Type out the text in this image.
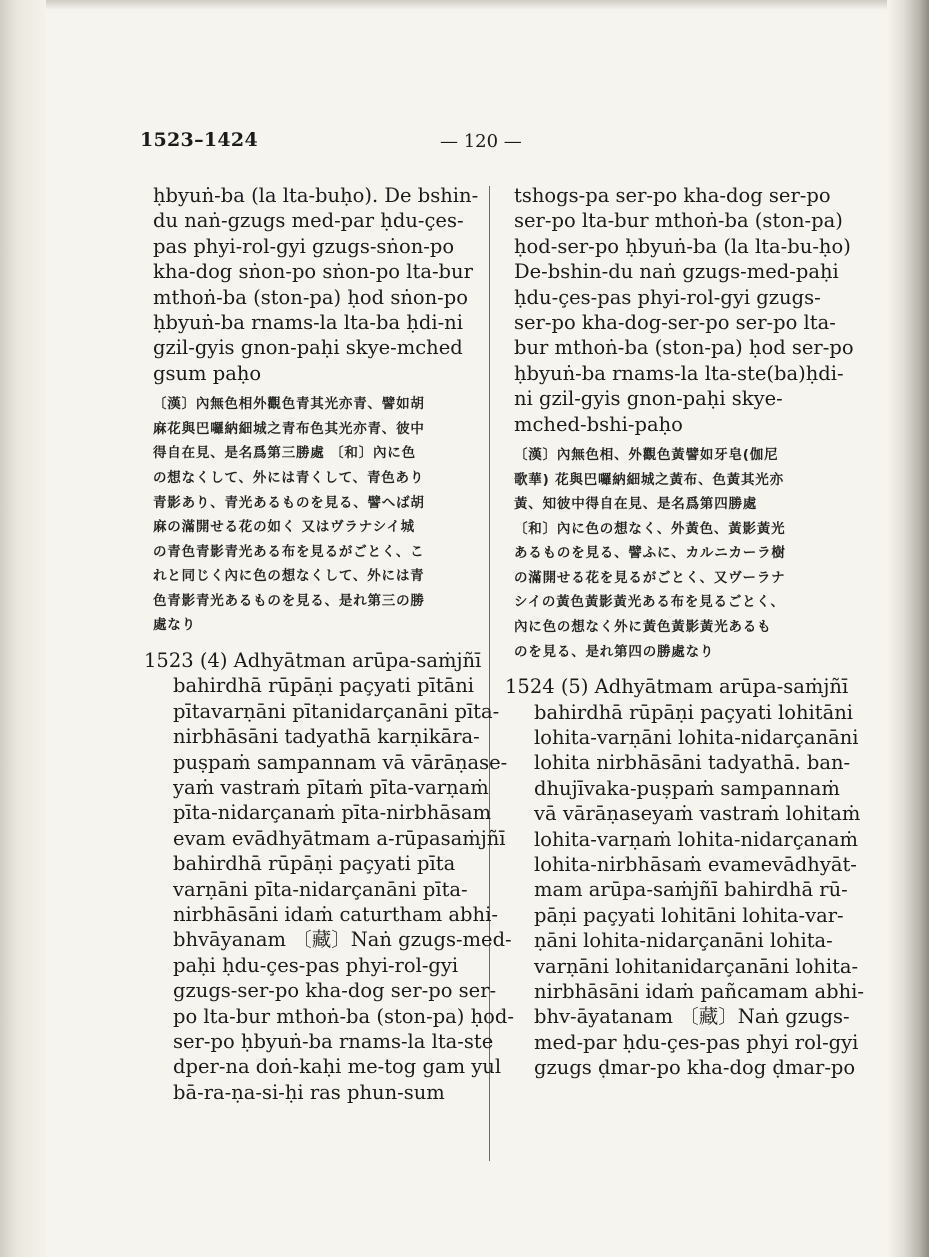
1523–1424	— 120 —
ḥbyuṅ-ba (la lta-buḥo). De bshin-
du naṅ-gzugs med-par ḥdu-çes-
pas phyi-rol-gyi gzugs-sṅon-po
kha-dog sṅon-po sṅon-po lta-bur
mthoṅ-ba (ston-pa) ḥod sṅon-po
ḥbyuṅ-ba rnams-la lta-ba ḥdi-ni
gzil-gyis gnon-paḥi skye-mched
gsum paḥo
〔漢〕內無色相外觀色青其光亦青、譬如胡
麻花與巴囉納細城之青布色其光亦青、彼中
得自在見、是名爲第三勝處 〔和〕內に色
の想なくして、外には青くして、青色あり
青影あり、青光あるものを見る、譬へば胡
麻の滿開せる花の如く 又はヴラナシイ城
の青色青影青光ある布を見るがごとく、こ
れと同じく內に色の想なくして、外には青
色青影青光あるものを見る、是れ第三の勝
處なり
1523 (4) Adhyātman arūpa-saṁjñī
bahirdhā rūpāṇi paçyati pītāni
pītavarṇāni pītanidarçanāni pīta-
nirbhāsāni tadyathā karṇikāra-
puṣpaṁ sampannam vā vārāṇase-
yaṁ vastraṁ pītaṁ pīta-varṇaṁ
pīta-nidarçanaṁ pīta-nirbhāsam
evam evādhyātmam a-rūpasaṁjñī
bahirdhā rūpāṇi paçyati pīta
varṇāni pīta-nidarçanāni pīta-
nirbhāsāni idaṁ caturtham abhi-
bhvāyanam 〔藏〕Naṅ gzugs-med-
paḥi ḥdu-çes-pas phyi-rol-gyi
gzugs-ser-po kha-dog ser-po ser-
po lta-bur mthoṅ-ba (ston-pa) ḥod-
ser-po ḥbyuṅ-ba rnams-la lta-ste
dper-na doṅ-kaḥi me-tog gam yul
bā-ra-ṇa-si-ḥi ras phun-sum
tshogs-pa ser-po kha-dog ser-po
ser-po lta-bur mthoṅ-ba (ston-pa)
ḥod-ser-po ḥbyuṅ-ba (la lta-bu-ḥo)
De-bshin-du naṅ gzugs-med-paḥi
ḥdu-çes-pas phyi-rol-gyi gzugs-
ser-po kha-dog-ser-po ser-po lta-
bur mthoṅ-ba (ston-pa) ḥod ser-po
ḥbyuṅ-ba rnams-la lta-ste(ba)ḥdi-
ni gzil-gyis gnon-paḥi skye-
mched-bshi-paḥo
〔漢〕內無色相、外觀色黃譬如牙皂(伽尼
歌華) 花與巴囉納細城之黃布、色黃其光亦
黃、知彼中得自在見、是名爲第四勝處
〔和〕內に色の想なく、外黃色、黃影黃光
あるものを見る、譬ふに、カルニカーラ樹
の滿開せる花を見るがごとく、又ヴーラナ
シイの黃色黃影黃光ある布を見るごとく、
內に色の想なく外に黃色黃影黃光あるも
のを見る、是れ第四の勝處なり
1524 (5) Adhyātmam arūpa-saṁjñī
bahirdhā rūpāṇi paçyati lohitāni
lohita-varṇāni lohita-nidarçanāni
lohita nirbhāsāni tadyathā. ban-
dhujīvaka-puṣpaṁ sampannaṁ
vā vārāṇaseyaṁ vastraṁ lohitaṁ
lohita-varṇaṁ lohita-nidarçanaṁ
lohita-nirbhāsaṁ evamevādhyāt-
mam arūpa-saṁjñī bahirdhā rū-
pāṇi paçyati lohitāni lohita-var-
ṇāni lohita-nidarçanāni lohita-
varṇāni lohitanidarçanāni lohita-
nirbhāsāni idaṁ pañcamam abhi-
bhv-āyatanam 〔藏〕Naṅ gzugs-
med-par ḥdu-çes-pas phyi rol-gyi
gzugs ḍmar-po kha-dog ḍmar-po
